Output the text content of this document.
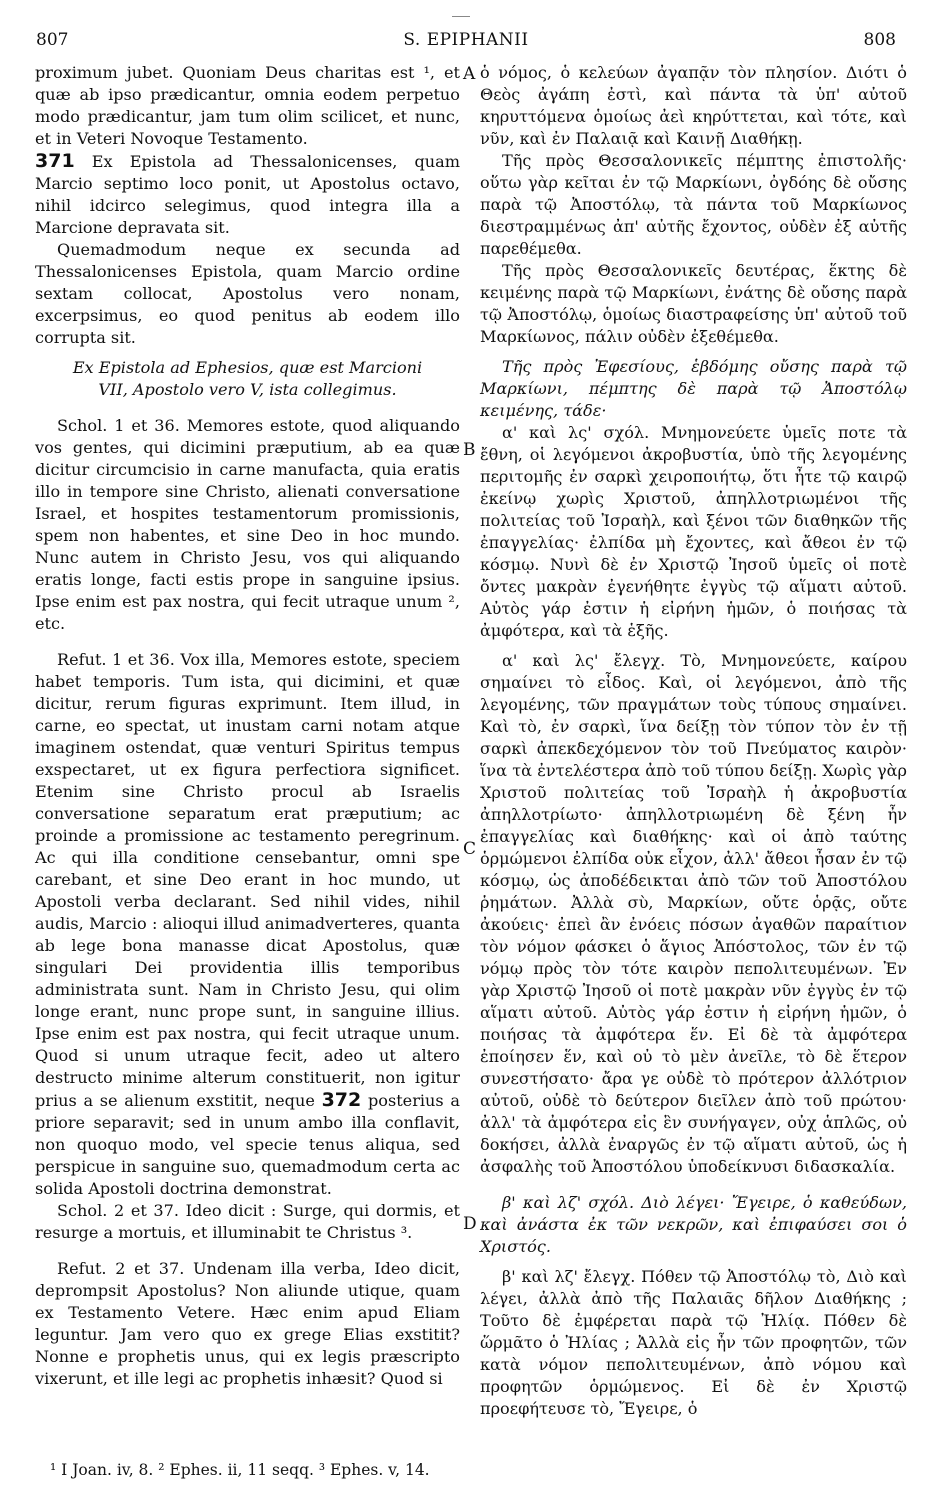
807	S. EPIPHANII	808

proximum jubet. Quoniam Deus charitas est ¹, et quæ ab ipso prædicantur, omnia eodem perpetuo modo prædicantur, jam tum olim scilicet, et nunc, et in Veteri Novoque Testamento.

371 Ex Epistola ad Thessalonicenses, quam Marcio septimo loco ponit, ut Apostolus octavo, nihil idcirco selegimus, quod integra illa a Marcione depravata sit.

Quemadmodum neque ex secunda ad Thessalonicenses Epistola, quam Marcio ordine sextam collocat, Apostolus vero nonam, excerpsimus, eo quod penitus ab eodem illo corrupta sit.

Ex Epistola ad Ephesios, quæ est Marcioni VII, Apostolo vero V, ista collegimus.

Schol. 1 et 36. Memores estote, quod aliquando vos gentes, qui dicimini præputium, ab ea quæ dicitur circumcisio in carne manufacta, quia eratis illo in tempore sine Christo, alienati conversatione Israel, et hospites testamentorum promissionis, spem non habentes, et sine Deo in hoc mundo. Nunc autem in Christo Jesu, vos qui aliquando eratis longe, facti estis prope in sanguine ipsius. Ipse enim est pax nostra, qui fecit utraque unum ², etc.

Refut. 1 et 36. Vox illa, Memores estote, speciem habet temporis. Tum ista, qui dicimini, et quæ dicitur, rerum figuras exprimunt. Item illud, in carne, eo spectat, ut inustam carni notam atque imaginem ostendat, quæ venturi Spiritus tempus exspectaret, ut ex figura perfectiora significet. Etenim sine Christo procul ab Israelis conversatione separatum erat præputium; ac proinde a promissione ac testamento peregrinum. Ac qui illa conditione censebantur, omni spe carebant, et sine Deo erant in hoc mundo, ut Apostoli verba declarant. Sed nihil vides, nihil audis, Marcio : alioqui illud animadverteres, quanta ab lege bona manasse dicat Apostolus, quæ singulari Dei providentia illis temporibus administrata sunt. Nam in Christo Jesu, qui olim longe erant, nunc prope sunt, in sanguine illius. Ipse enim est pax nostra, qui fecit utraque unum. Quod si unum utraque fecit, adeo ut altero destructo minime alterum constituerit, non igitur prius a se alienum exstitit, neque 372 posterius a priore separavit; sed in unum ambo illa conflavit, non quoquo modo, vel specie tenus aliqua, sed perspicue in sanguine suo, quemadmodum certa ac solida Apostoli doctrina demonstrat.

Schol. 2 et 37. Ideo dicit : Surge, qui dormis, et resurge a mortuis, et illuminabit te Christus ³.

Refut. 2 et 37. Undenam illa verba, Ideo dicit, deprompsit Apostolus? Non aliunde utique, quam ex Testamento Vetere. Hæc enim apud Eliam leguntur. Jam vero quo ex grege Elias exstitit? Nonne e prophetis unus, qui ex legis præscripto vixerunt, et ille legi ac prophetis inhæsit? Quod si

A
B
C
D

ὁ νόμος, ὁ κελεύων ἀγαπᾷν τὸν πλησίον. Διότι ὁ Θεὸς ἀγάπη ἐστὶ, καὶ πάντα τὰ ὑπ' αὐτοῦ κηρυττόμενα ὁμοίως ἀεὶ κηρύττεται, καὶ τότε, καὶ νῦν, καὶ ἐν Παλαιᾷ καὶ Καινῇ Διαθήκῃ.

Τῆς πρὸς Θεσσαλονικεῖς πέμπτης ἐπιστολῆς· οὕτω γὰρ κεῖται ἐν τῷ Μαρκίωνι, ὀγδόης δὲ οὔσης παρὰ τῷ Ἀποστόλῳ, τὰ πάντα τοῦ Μαρκίωνος διεστραμμένως ἀπ' αὐτῆς ἔχοντος, οὐδὲν ἐξ αὐτῆς παρεθέμεθα.

Τῆς πρὸς Θεσσαλονικεῖς δευτέρας, ἕκτης δὲ κειμένης παρὰ τῷ Μαρκίωνι, ἐνάτης δὲ οὔσης παρὰ τῷ Ἀποστόλῳ, ὁμοίως διαστραφείσης ὑπ' αὐτοῦ τοῦ Μαρκίωνος, πάλιν οὐδὲν ἐξεθέμεθα.

Τῆς πρὸς Ἐφεσίους, ἑβδόμης οὔσης παρὰ τῷ Μαρκίωνι, πέμπτης δὲ παρὰ τῷ Ἀποστόλῳ κειμένης, τάδε·

α' καὶ λς' σχόλ. Μνημονεύετε ὑμεῖς ποτε τὰ ἔθνη, οἱ λεγόμενοι ἀκροβυστία, ὑπὸ τῆς λεγομένης περιτομῆς ἐν σαρκὶ χειροποιήτῳ, ὅτι ἦτε τῷ καιρῷ ἐκείνῳ χωρὶς Χριστοῦ, ἀπηλλοτριωμένοι τῆς πολιτείας τοῦ Ἰσραὴλ, καὶ ξένοι τῶν διαθηκῶν τῆς ἐπαγγελίας· ἐλπίδα μὴ ἔχοντες, καὶ ἄθεοι ἐν τῷ κόσμῳ. Νυνὶ δὲ ἐν Χριστῷ Ἰησοῦ ὑμεῖς οἱ ποτὲ ὄντες μακρὰν ἐγενήθητε ἐγγὺς τῷ αἵματι αὐτοῦ. Αὐτὸς γάρ ἐστιν ἡ εἰρήνη ἡμῶν, ὁ ποιήσας τὰ ἀμφότερα, καὶ τὰ ἑξῆς.

α' καὶ λς' ἔλεγχ. Τὸ, Μνημονεύετε, καίρου σημαίνει τὸ εἶδος. Καὶ, οἱ λεγόμενοι, ἀπὸ τῆς λεγομένης, τῶν πραγμάτων τοὺς τύπους σημαίνει. Καὶ τὸ, ἐν σαρκὶ, ἵνα δείξῃ τὸν τύπον τὸν ἐν τῇ σαρκὶ ἀπεκδεχόμενον τὸν τοῦ Πνεύματος καιρὸν· ἵνα τὰ ἐντελέστερα ἀπὸ τοῦ τύπου δείξῃ. Χωρὶς γὰρ Χριστοῦ πολιτείας τοῦ Ἰσραὴλ ἡ ἀκροβυστία ἀπηλλοτρίωτο· ἀπηλλοτριωμένη δὲ ξένη ἦν ἐπαγγελίας καὶ διαθήκης· καὶ οἱ ἀπὸ ταύτης ὁρμώμενοι ἐλπίδα οὐκ εἶχον, ἀλλ' ἄθεοι ἦσαν ἐν τῷ κόσμῳ, ὡς ἀποδέδεικται ἀπὸ τῶν τοῦ Ἀποστόλου ῥημάτων. Ἀλλὰ σὺ, Μαρκίων, οὔτε ὁρᾷς, οὔτε ἀκούεις· ἐπεὶ ἂν ἐνόεις πόσων ἀγαθῶν παραίτιον τὸν νόμον φάσκει ὁ ἅγιος Ἀπόστολος, τῶν ἐν τῷ νόμῳ πρὸς τὸν τότε καιρὸν πεπολιτευμένων. Ἐν γὰρ Χριστῷ Ἰησοῦ οἱ ποτὲ μακρὰν νῦν ἐγγὺς ἐν τῷ αἵματι αὐτοῦ. Αὐτὸς γάρ ἐστιν ἡ εἰρήνη ἡμῶν, ὁ ποιήσας τὰ ἀμφότερα ἕν. Εἰ δὲ τὰ ἀμφότερα ἐποίησεν ἕν, καὶ οὐ τὸ μὲν ἀνεῖλε, τὸ δὲ ἕτερον συνεστήσατο· ἄρα γε οὐδὲ τὸ πρότερον ἀλλότριον αὐτοῦ, οὐδὲ τὸ δεύτερον διεῖλεν ἀπὸ τοῦ πρώτου· ἀλλ' τὰ ἀμφότερα εἰς ἓν συνήγαγεν, οὐχ ἁπλῶς, οὐ δοκήσει, ἀλλὰ ἐναργῶς ἐν τῷ αἵματι αὐτοῦ, ὡς ἡ ἀσφαλὴς τοῦ Ἀποστόλου ὑποδείκνυσι διδασκαλία.

β' καὶ λζ' σχόλ. Διὸ λέγει· Ἔγειρε, ὁ καθεύδων, καὶ ἀνάστα ἐκ τῶν νεκρῶν, καὶ ἐπιφαύσει σοι ὁ Χριστός.

β' καὶ λζ' ἔλεγχ. Πόθεν τῷ Ἀποστόλῳ τὸ, Διὸ καὶ λέγει, ἀλλὰ ἀπὸ τῆς Παλαιᾶς δῆλον Διαθήκης ; Τοῦτο δὲ ἐμφέρεται παρὰ τῷ Ἠλίᾳ. Πόθεν δὲ ὥρμᾶτο ὁ Ἠλίας ; Ἀλλὰ εἰς ἦν τῶν προφητῶν, τῶν κατὰ νόμον πεπολιτευμένων, ἀπὸ νόμου καὶ προφητῶν ὁρμώμενος. Εἰ δὲ ἐν Χριστῷ προεφήτευσε τὸ, Ἔγειρε, ὁ

¹ I Joan. iv, 8. ² Ephes. ii, 11 seqq. ³ Ephes. v, 14.
